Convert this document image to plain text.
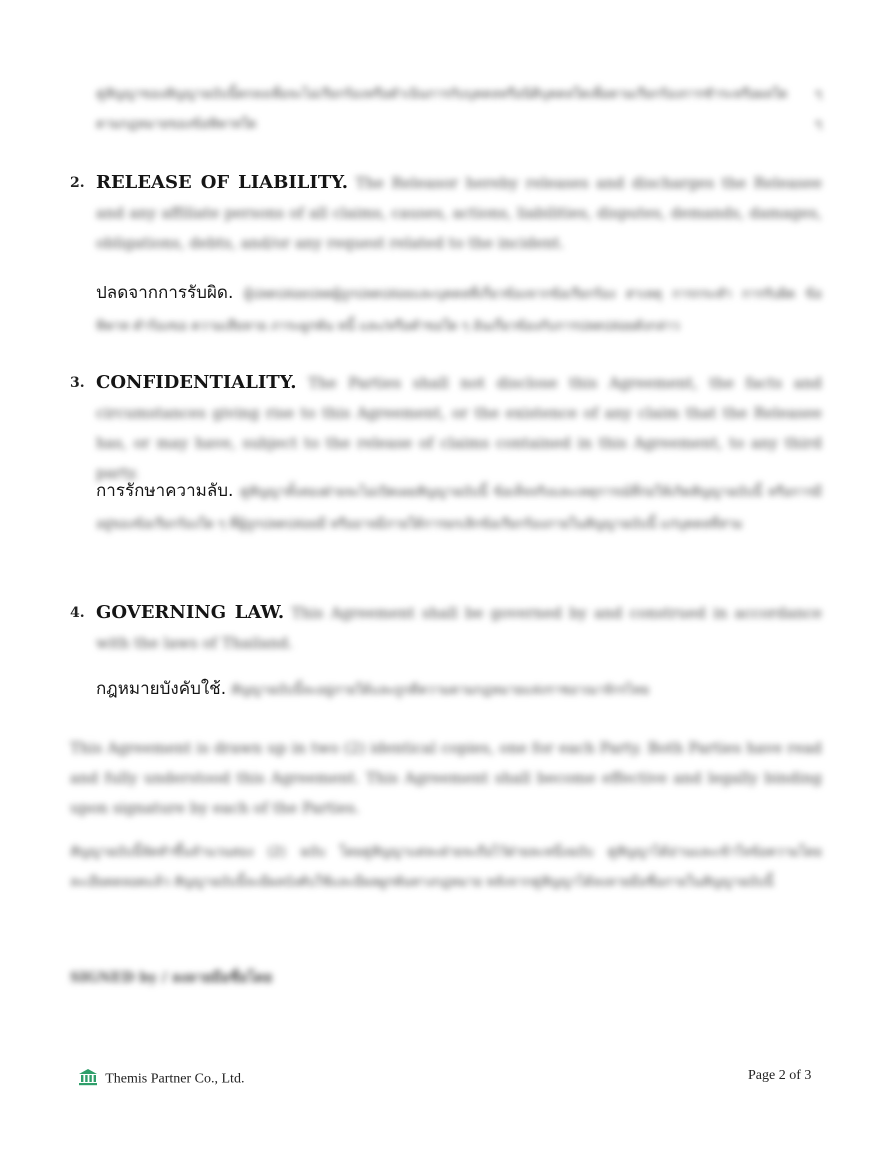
คู่สัญญาของสัญญาฉบับนี้ตกลงเพื่อจะไม่เรียกร้องหรือดำเนินการกับบุคคลหรือนิติบุคคลใดเพื่อตามเรียกร้องการชำระหรือผลใด ๆ ตามกฎหมายของข้อพิพาทใด ๆ
2. RELEASE OF LIABILITY. The Releasor hereby releases and discharges the Releasee and any affiliate persons of all claims, causes, actions, liabilities, disputes, demands, damages, obligations, debts, and/or any request related to the incident.
ปลดจากการรับผิด. ผู้ปลดปล่อยปลดผู้ถูกปลดปล่อยและบุคคลที่เกี่ยวข้องจากข้อเรียกร้อง สาเหตุ การกระทำ การรับผิด ข้อพิพาท คำร้องขอ ความเสียหาย ภาระผูกพัน หนี้ และ/หรือคำขอใด ๆ อันเกี่ยวข้องกับการปลดปล่อยดังกล่าว
3. CONFIDENTIALITY. The Parties shall not disclose this Agreement, the facts and circumstances giving rise to this Agreement, or the existence of any claim that the Releasee has, or may have, subject to the release of claims contained in this Agreement, to any third party.
การรักษาความลับ. คู่สัญญาทั้งสองฝ่ายจะไม่เปิดเผยสัญญาฉบับนี้ ข้อเท็จจริงและเหตุการณ์ที่ก่อให้เกิดสัญญาฉบับนี้ หรือการมีอยู่ของข้อเรียกร้องใด ๆ ที่ผู้ถูกปลดปล่อยมี หรืออาจมีภายใต้การยกเลิกข้อเรียกร้องภายในสัญญาฉบับนี้ แก่บุคคลที่สาม
4. GOVERNING LAW. This Agreement shall be governed by and construed in accordance with the laws of Thailand.
กฎหมายบังคับใช้. สัญญาฉบับนี้จะอยู่ภายใต้และถูกตีความตามกฎหมายแห่งราชอาณาจักรไทย
This Agreement is drawn up in two (2) identical copies, one for each Party. Both Parties have read and fully understood this Agreement. This Agreement shall become effective and legally binding upon signature by each of the Parties.
สัญญาฉบับนี้จัดทำขึ้นจำนวนสอง (2) ฉบับ โดยคู่สัญญาแต่ละฝ่ายจะถือไว้ฝ่ายละหนึ่งฉบับ คู่สัญญาได้อ่านและเข้าใจข้อความโดยละเอียดตลอดแล้ว สัญญาฉบับนี้จะมีผลบังคับใช้และมีผลผูกพันทางกฎหมาย หลังจากคู่สัญญาได้ลงลายมือชื่อภายในสัญญาฉบับนี้
SIGNED by / ลงลายมือชื่อโดย
Themis Partner Co., Ltd.	Page 2 of 3
